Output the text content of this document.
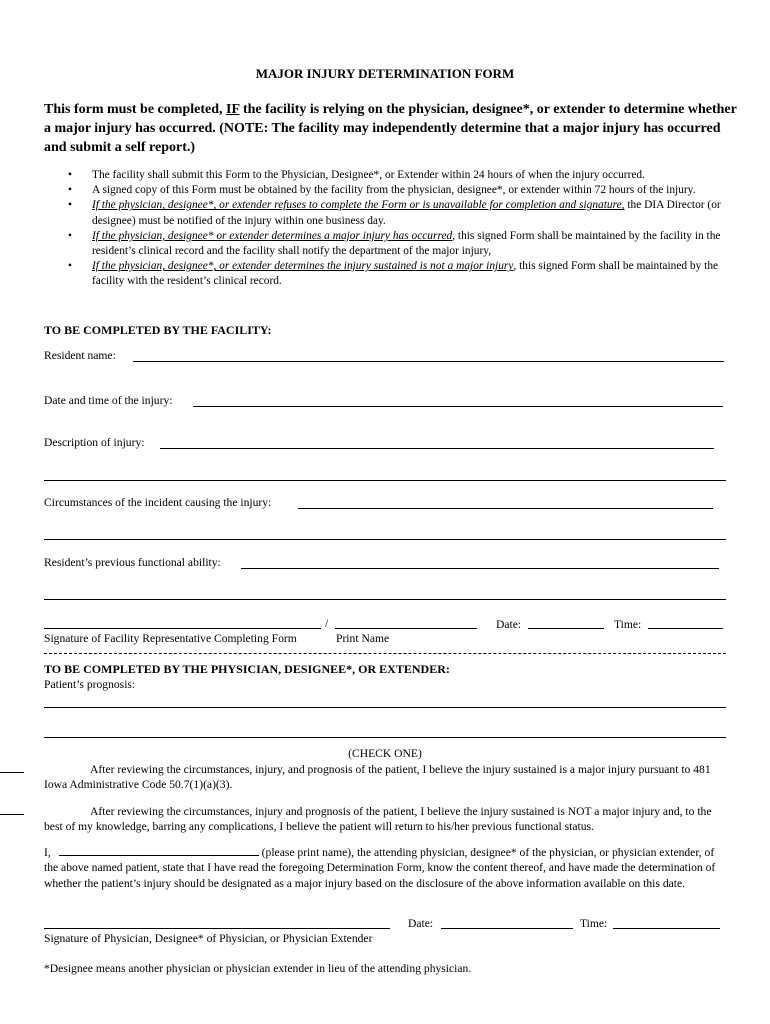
MAJOR INJURY DETERMINATION FORM
This form must be completed, IF the facility is relying on the physician, designee*, or extender to determine whether a major injury has occurred. (NOTE: The facility may independently determine that a major injury has occurred and submit a self report.)
• The facility shall submit this Form to the Physician, Designee*, or Extender within 24 hours of when the injury occurred.
• A signed copy of this Form must be obtained by the facility from the physician, designee*, or extender within 72 hours of the injury.
• If the physician, designee*, or extender refuses to complete the Form or is unavailable for completion and signature, the DIA Director (or designee) must be notified of the injury within one business day.
• If the physician, designee* or extender determines a major injury has occurred, this signed Form shall be maintained by the facility in the resident’s clinical record and the facility shall notify the department of the major injury,
• If the physician, designee*, or extender determines the injury sustained is not a major injury, this signed Form shall be maintained by the facility with the resident’s clinical record.
TO BE COMPLETED BY THE FACILITY:
Resident name:
Date and time of the injury:
Description of injury:
Circumstances of the incident causing the injury:
Resident’s previous functional ability:
/	Date:	Time:
Signature of Facility Representative Completing Form	Print Name
TO BE COMPLETED BY THE PHYSICIAN, DESIGNEE*, OR EXTENDER:
Patient’s prognosis:
(CHECK ONE)
After reviewing the circumstances, injury, and prognosis of the patient, I believe the injury sustained is a major injury pursuant to 481 Iowa Administrative Code 50.7(1)(a)(3).
After reviewing the circumstances, injury and prognosis of the patient, I believe the injury sustained is NOT a major injury and, to the best of my knowledge, barring any complications, I believe the patient will return to his/her previous functional status.
I,	(please print name), the attending physician, designee* of the physician, or physician extender, of the above named patient, state that I have read the foregoing Determination Form, know the content thereof, and have made the determination of whether the patient’s injury should be designated as a major injury based on the disclosure of the above information available on this date.
Date:	Time:
Signature of Physician, Designee* of Physician, or Physician Extender
*Designee means another physician or physician extender in lieu of the attending physician.
